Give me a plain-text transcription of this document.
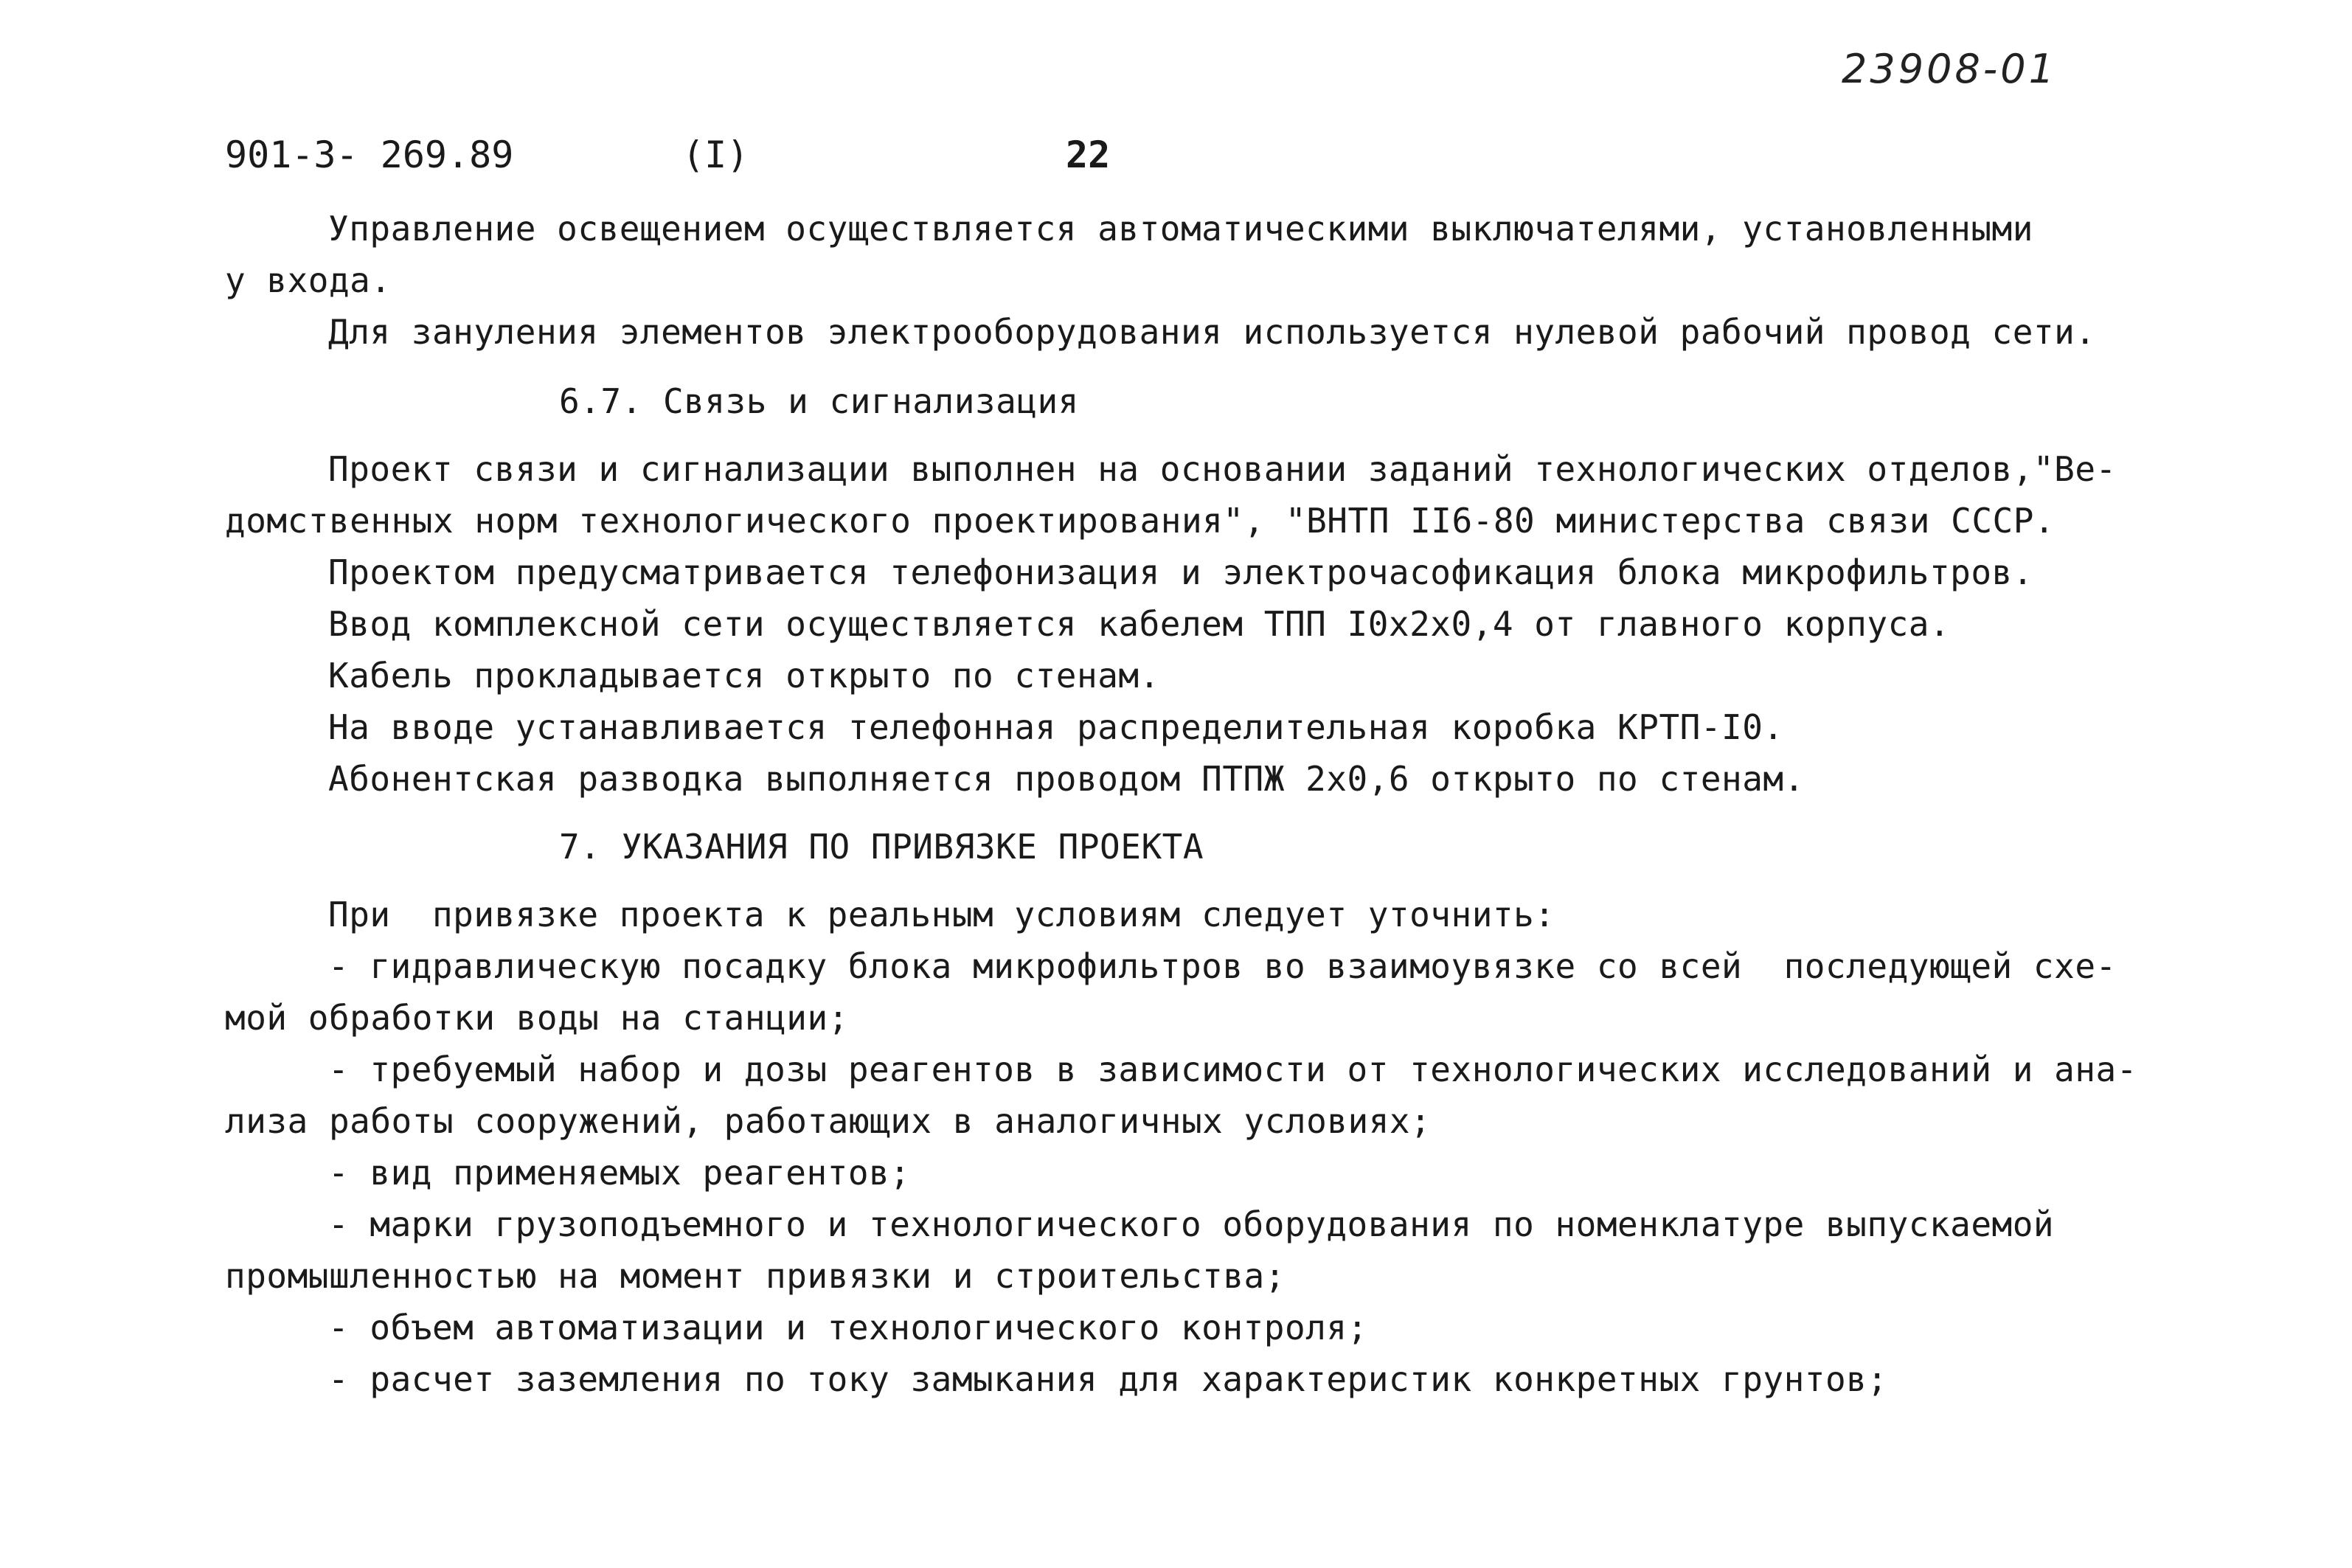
23908-01
901-3- 269.89	(I)	22
Управление освещением осуществляется автоматическими выключателями, установленными
у входа.
Для зануления элементов электрооборудования используется нулевой рабочий провод сети.
6.7. Связь и сигнализация
Проект связи и сигнализации выполнен на основании заданий технологических отделов,"Ве-
домственных норм технологического проектирования", "ВНТП II6-80 министерства связи СССР.
Проектом предусматривается телефонизация и электрочасофикация блока микрофильтров.
Ввод комплексной сети осуществляется кабелем ТПП I0x2x0,4 от главного корпуса.
Кабель прокладывается открыто по стенам.
На вводе устанавливается телефонная распределительная коробка КРТП-I0.
Абонентская разводка выполняется проводом ПТПЖ 2х0,6 открыто по стенам.
7. УКАЗАНИЯ ПО ПРИВЯЗКЕ ПРОЕКТА
При  привязке проекта к реальным условиям следует уточнить:
- гидравлическую посадку блока микрофильтров во взаимоувязке со всей  последующей схе-
мой обработки воды на станции;
- требуемый набор и дозы реагентов в зависимости от технологических исследований и ана-
лиза работы сооружений, работающих в аналогичных условиях;
- вид применяемых реагентов;
- марки грузоподъемного и технологического оборудования по номенклатуре выпускаемой
промышленностью на момент привязки и строительства;
- объем автоматизации и технологического контроля;
- расчет заземления по току замыкания для характеристик конкретных грунтов;
